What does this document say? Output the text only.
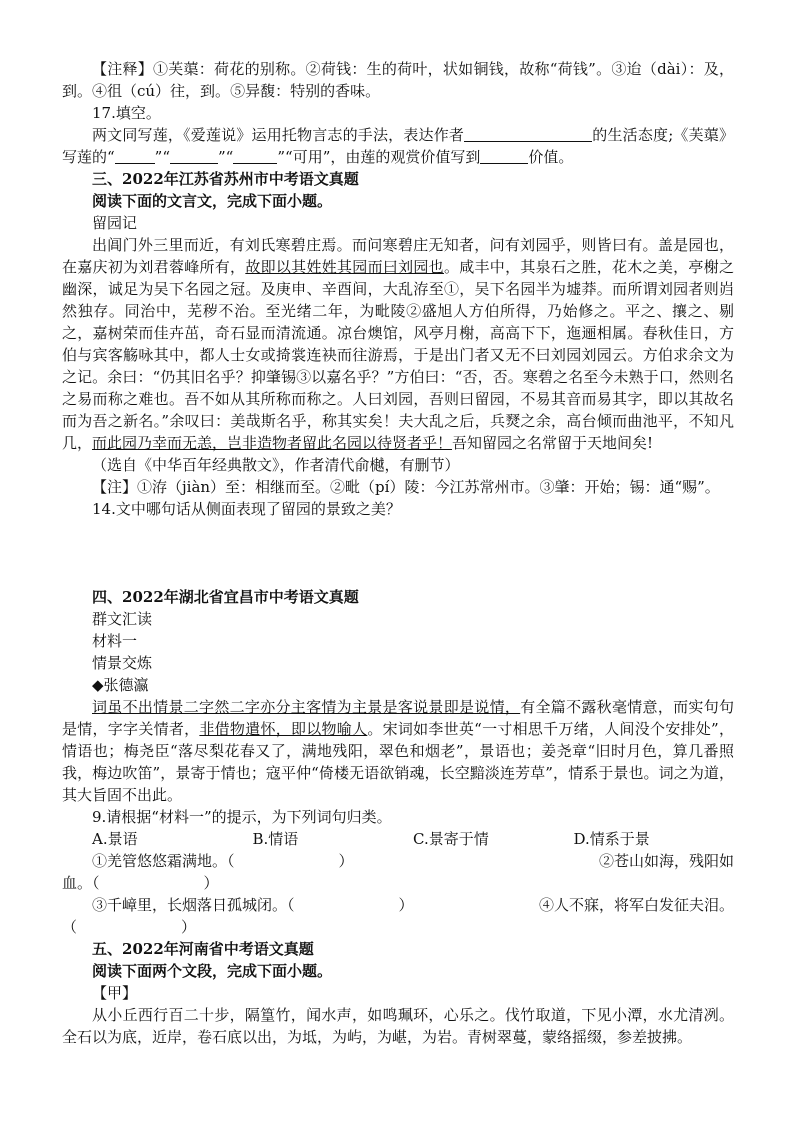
【注释】①芙蕖：荷花的别称。②荷钱：生的荷叶，状如铜钱，故称“荷钱”。③迨（dài）：及，到。④徂（cú）往，到。⑤异馥：特别的香味。

17.填空。

两文同写莲，《爱莲说》运用托物言志的手法，表达作者	的生活态度;《芙蕖》写莲的“	”“	”“	”“可用”，由莲的观赏价值写到	价值。

三、2022年江苏省苏州市中考语文真题

阅读下面的文言文，完成下面小题。

留园记

出阊门外三里而近，有刘氏寒碧庄焉。而问寒碧庄无知者，问有刘园乎，则皆曰有。盖是园也，在嘉庆初为刘君蓉峰所有，故即以其姓姓其园而曰刘园也。咸丰中，其泉石之胜，花木之美，亭榭之幽深，诚足为吴下名园之冠。及庚申、辛酉间，大乱洊至①，吴下名园半为墟莽。而所谓刘园者则岿然独存。同治中，芜秽不治。至光绪二年，为毗陵②盛旭人方伯所得，乃始修之。平之、攘之、剔之，嘉树荣而佳卉茁，奇石显而清流通。凉台燠馆，风亭月榭，高高下下，迤逦相属。春秋佳日，方伯与宾客觞咏其中，都人士女或掎裳连袂而往游焉，于是出门者又无不曰刘园刘园云。方伯求余文为之记。余曰：“仍其旧名乎？抑肇锡③以嘉名乎？”方伯曰：“否，否。寒碧之名至今未熟于口，然则名之易而称之难也。吾不如从其所称而称之。人曰刘园，吾则曰留园，不易其音而易其字，即以其故名而为吾之新名。”余叹曰：美哉斯名乎，称其实矣！夫大乱之后，兵燹之余，高台倾而曲池平，不知凡几，而此园乃幸而无恙，岂非造物者留此名园以待贤者乎！吾知留园之名常留于天地间矣!

（选自《中华百年经典散文》，作者清代俞樾，有删节）

【注】①洊（jiàn）至：相继而至。②毗（pí）陵：今江苏常州市。③肇：开始；锡：通“赐”。

14.文中哪句话从侧面表现了留园的景致之美？

四、2022年湖北省宜昌市中考语文真题

群文汇读

材料一

情景交炼

◆张德瀛

词虽不出情景二字然二字亦分主客情为主景是客说景即是说情，有全篇不露秋毫情意，而实句句是情，字字关情者，非借物遣怀，即以物喻人。宋词如李世英“一寸相思千万绪，人间没个安排处”，情语也；梅尧臣“落尽梨花春又了，满地残阳，翠色和烟老”，景语也；姜尧章“旧时月色，算几番照我，梅边吹笛”，景寄于情也；寇平仲“倚楼无语欲销魂，长空黯淡连芳草”，情系于景也。词之为道，其大旨固不出此。

9.请根据“材料一”的提示，为下列词句归类。

A.景语	B.情语	C.景寄于情	D.情系于景
①羌管悠悠霜满地。（	）	②苍山如海，残阳如

血。（	）

③千嶂里，长烟落日孤城闭。（	）	④人不寐，将军白发征夫泪。

（	）

五、2022年河南省中考语文真题

阅读下面两个文段，完成下面小题。

【甲】

从小丘西行百二十步，隔篁竹，闻水声，如鸣珮环，心乐之。伐竹取道，下见小潭，水尤清冽。全石以为底，近岸，卷石底以出，为坻，为屿，为嵁，为岩。青树翠蔓，蒙络摇缀，参差披拂。
